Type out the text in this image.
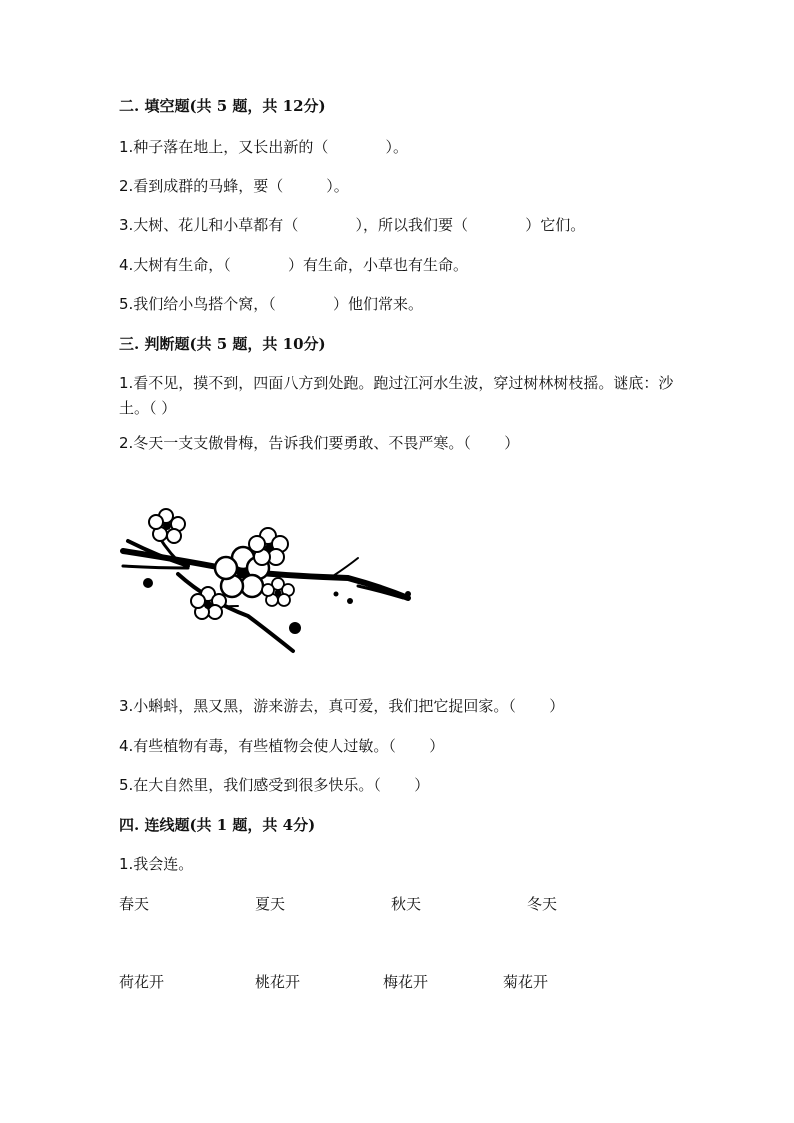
二. 填空题(共 5 题，共 12分)
1.种子落在地上，又长出新的（            ）。
2.看到成群的马蜂，要（         ）。
3.大树、花儿和小草都有（            ），所以我们要（            ）它们。
4.大树有生命，（            ）有生命，小草也有生命。
5.我们给小鸟搭个窝，（            ）他们常来。
三. 判断题(共 5 题，共 10分)
1.看不见，摸不到，四面八方到处跑。跑过江河水生波，穿过树林树枝摇。谜底：沙土。（ ）
2.冬天一支支傲骨梅，告诉我们要勇敢、不畏严寒。（       ）
3.小蝌蚪，黑又黑，游来游去，真可爱，我们把它捉回家。（       ）
4.有些植物有毒，有些植物会使人过敏。（       ）
5.在大自然里，我们感受到很多快乐。（       ）
四. 连线题(共 1 题，共 4分)
1.我会连。
春天	夏天	秋天	冬天
荷花开	桃花开	梅花开	菊花开
